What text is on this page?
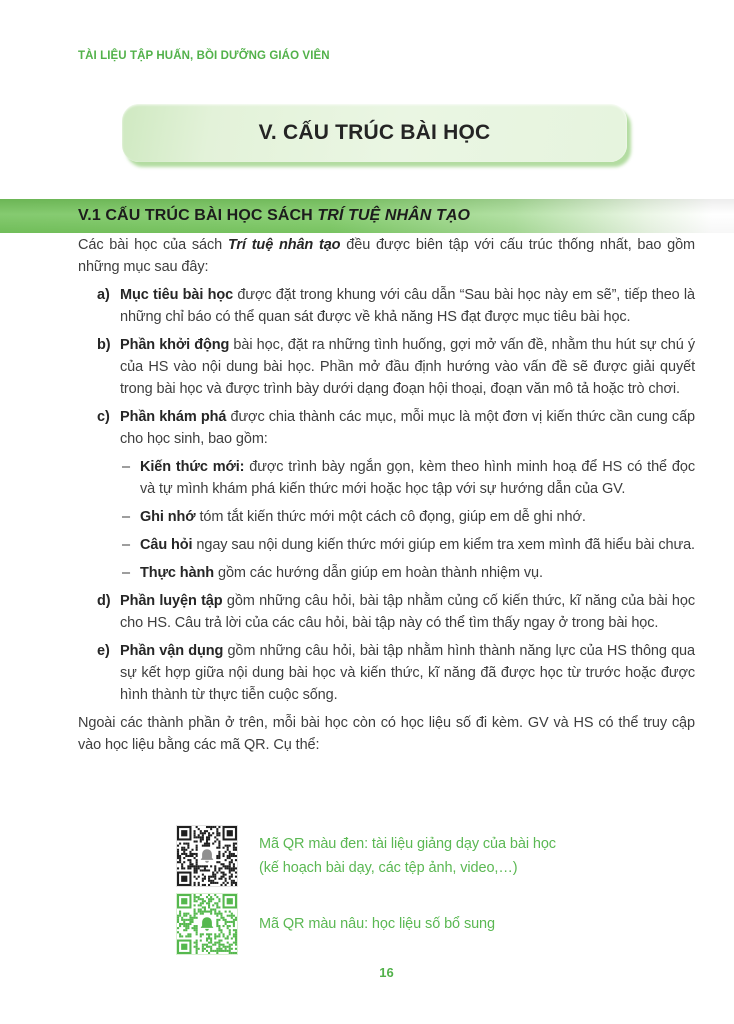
TÀI LIỆU TẬP HUẤN, BỒI DƯỠNG GIÁO VIÊN
V. CẤU TRÚC BÀI HỌC
V.1 CẤU TRÚC BÀI HỌC SÁCH TRÍ TUỆ NHÂN TẠO

Các bài học của sách Trí tuệ nhân tạo đều được biên tập với cấu trúc thống nhất, bao gồm những mục sau đây:

a) Mục tiêu bài học được đặt trong khung với câu dẫn “Sau bài học này em sẽ”, tiếp theo là những chỉ báo có thể quan sát được về khả năng HS đạt được mục tiêu bài học.
b) Phần khởi động bài học, đặt ra những tình huống, gợi mở vấn đề, nhằm thu hút sự chú ý của HS vào nội dung bài học. Phần mở đầu định hướng vào vấn đề sẽ được giải quyết trong bài học và được trình bày dưới dạng đoạn hội thoại, đoạn văn mô tả hoặc trò chơi.
c) Phần khám phá được chia thành các mục, mỗi mục là một đơn vị kiến thức cần cung cấp cho học sinh, bao gồm:
– Kiến thức mới: được trình bày ngắn gọn, kèm theo hình minh hoạ để HS có thể đọc và tự mình khám phá kiến thức mới hoặc học tập với sự hướng dẫn của GV.
– Ghi nhớ tóm tắt kiến thức mới một cách cô đọng, giúp em dễ ghi nhớ.
– Câu hỏi ngay sau nội dung kiến thức mới giúp em kiểm tra xem mình đã hiểu bài chưa.
– Thực hành gồm các hướng dẫn giúp em hoàn thành nhiệm vụ.
d) Phần luyện tập gồm những câu hỏi, bài tập nhằm củng cố kiến thức, kĩ năng của bài học cho HS. Câu trả lời của các câu hỏi, bài tập này có thể tìm thấy ngay ở trong bài học.
e) Phần vận dụng gồm những câu hỏi, bài tập nhằm hình thành năng lực của HS thông qua sự kết hợp giữa nội dung bài học và kiến thức, kĩ năng đã được học từ trước hoặc được hình thành từ thực tiễn cuộc sống.

Ngoài các thành phần ở trên, mỗi bài học còn có học liệu số đi kèm. GV và HS có thể truy cập vào học liệu bằng các mã QR. Cụ thể:

Mã QR màu đen: tài liệu giảng dạy của bài học
(kế hoạch bài dạy, các tệp ảnh, video,…)
Mã QR màu nâu: học liệu số bổ sung
16
